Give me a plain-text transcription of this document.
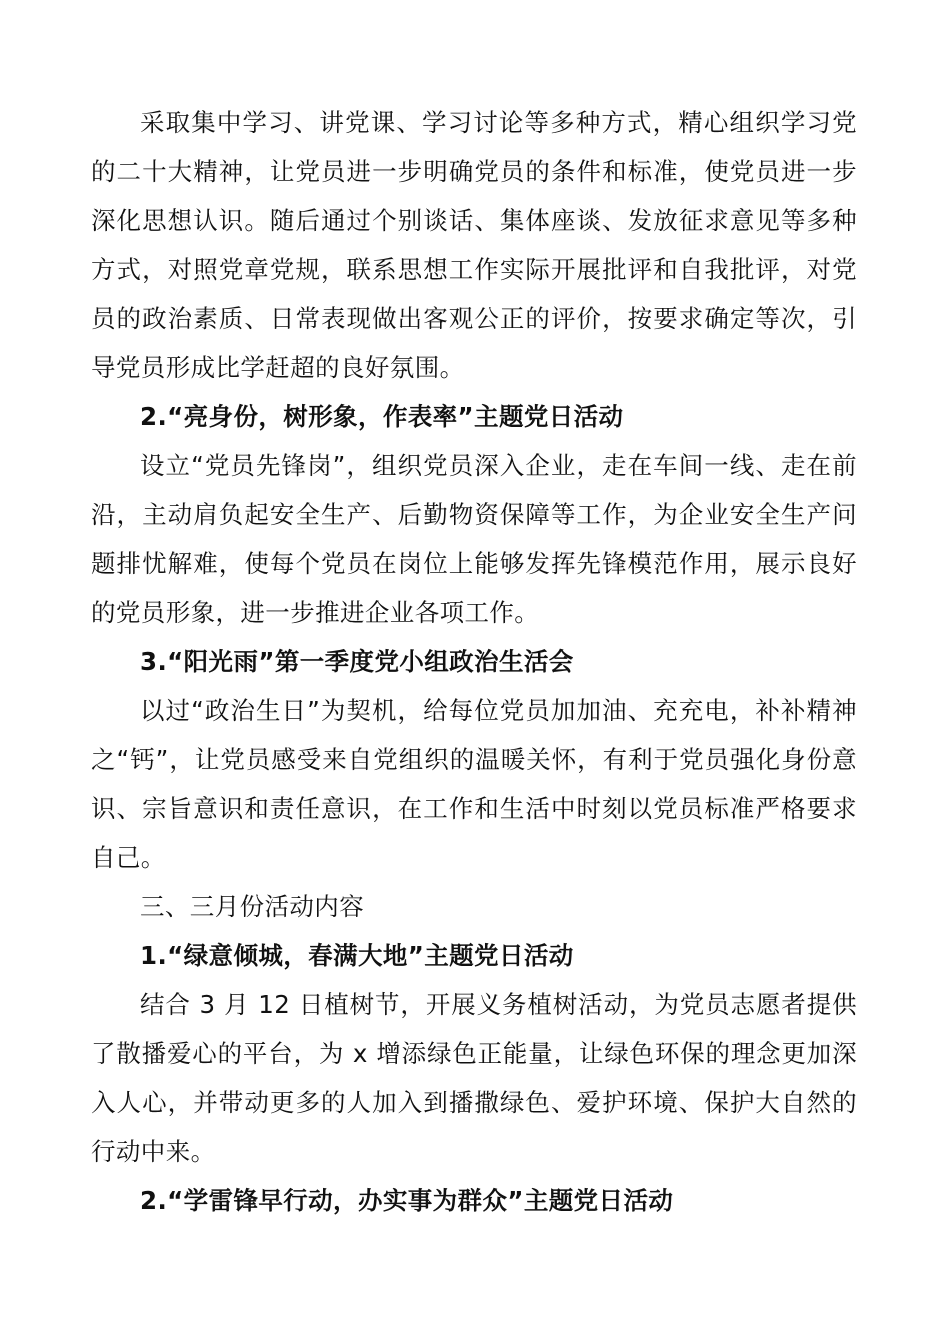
采取集中学习、讲党课、学习讨论等多种方式，精心组织学习党的二十大精神，让党员进一步明确党员的条件和标准，使党员进一步深化思想认识。随后通过个别谈话、集体座谈、发放征求意见等多种方式，对照党章党规，联系思想工作实际开展批评和自我批评，对党员的政治素质、日常表现做出客观公正的评价，按要求确定等次，引导党员形成比学赶超的良好氛围。

2.“亮身份，树形象，作表率”主题党日活动

设立“党员先锋岗”，组织党员深入企业，走在车间一线、走在前沿，主动肩负起安全生产、后勤物资保障等工作，为企业安全生产问题排忧解难，使每个党员在岗位上能够发挥先锋模范作用，展示良好的党员形象，进一步推进企业各项工作。

3.“阳光雨”第一季度党小组政治生活会

以过“政治生日”为契机，给每位党员加加油、充充电，补补精神之“钙”，让党员感受来自党组织的温暖关怀，有利于党员强化身份意识、宗旨意识和责任意识，在工作和生活中时刻以党员标准严格要求自己。

三、三月份活动内容

1.“绿意倾城，春满大地”主题党日活动

结合 3 月 12 日植树节，开展义务植树活动，为党员志愿者提供了散播爱心的平台，为 x 增添绿色正能量，让绿色环保的理念更加深入人心，并带动更多的人加入到播撒绿色、爱护环境、保护大自然的行动中来。

2.“学雷锋早行动，办实事为群众”主题党日活动
